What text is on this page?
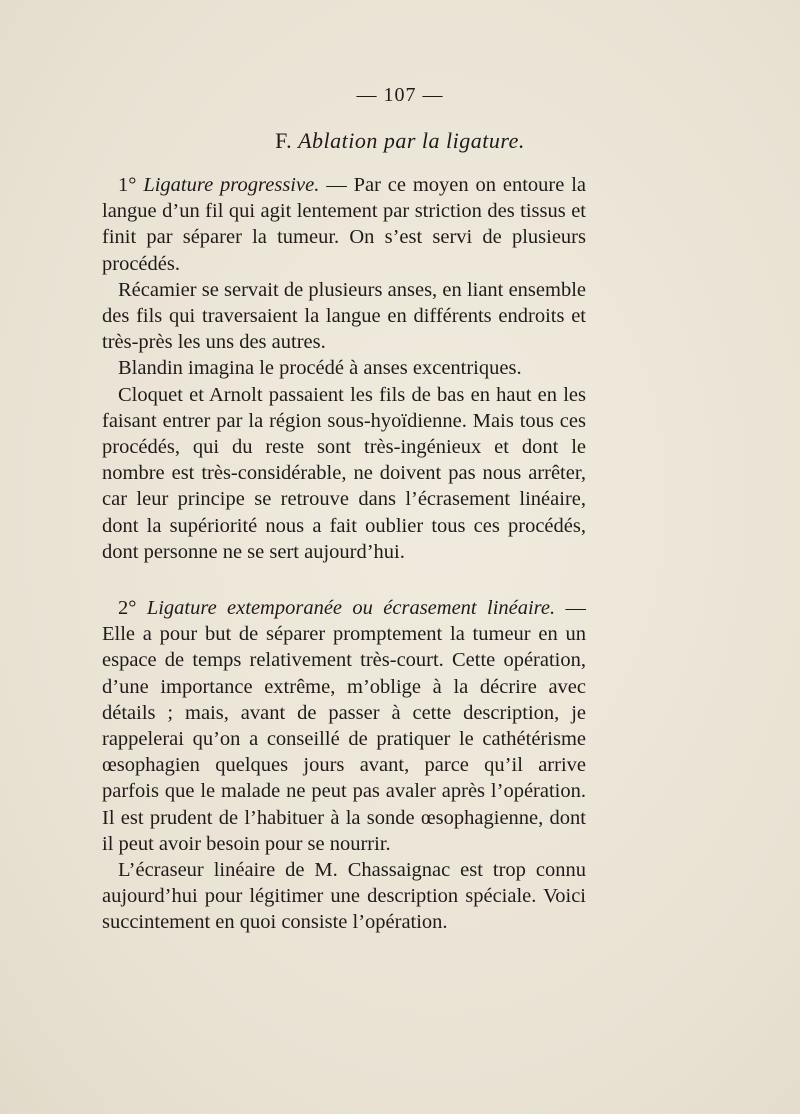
— 107 —
F. Ablation par la ligature.

1° Ligature progressive. — Par ce moyen on entoure la langue d’un fil qui agit lentement par striction des tissus et finit par séparer la tumeur. On s’est servi de plusieurs procédés.

Récamier se servait de plusieurs anses, en liant ensemble des fils qui traversaient la langue en différents endroits et très-près les uns des autres.

Blandin imagina le procédé à anses excentriques.

Cloquet et Arnolt passaient les fils de bas en haut en les faisant entrer par la région sous-hyoïdienne. Mais tous ces procédés, qui du reste sont très-ingénieux et dont le nombre est très-considérable, ne doivent pas nous arrêter, car leur principe se retrouve dans l’écrasement linéaire, dont la supériorité nous a fait oublier tous ces procédés, dont personne ne se sert aujourd’hui.

2° Ligature extemporanée ou écrasement linéaire. — Elle a pour but de séparer promptement la tumeur en un espace de temps relativement très-court. Cette opération, d’une importance extrême, m’oblige à la décrire avec détails ; mais, avant de passer à cette description, je rappelerai qu’on a conseillé de pratiquer le cathétérisme œsophagien quelques jours avant, parce qu’il arrive parfois que le malade ne peut pas avaler après l’opération. Il est prudent de l’habituer à la sonde œsophagienne, dont il peut avoir besoin pour se nourrir.

L’écraseur linéaire de M. Chassaignac est trop connu aujourd’hui pour légitimer une description spéciale. Voici succintement en quoi consiste l’opération.
